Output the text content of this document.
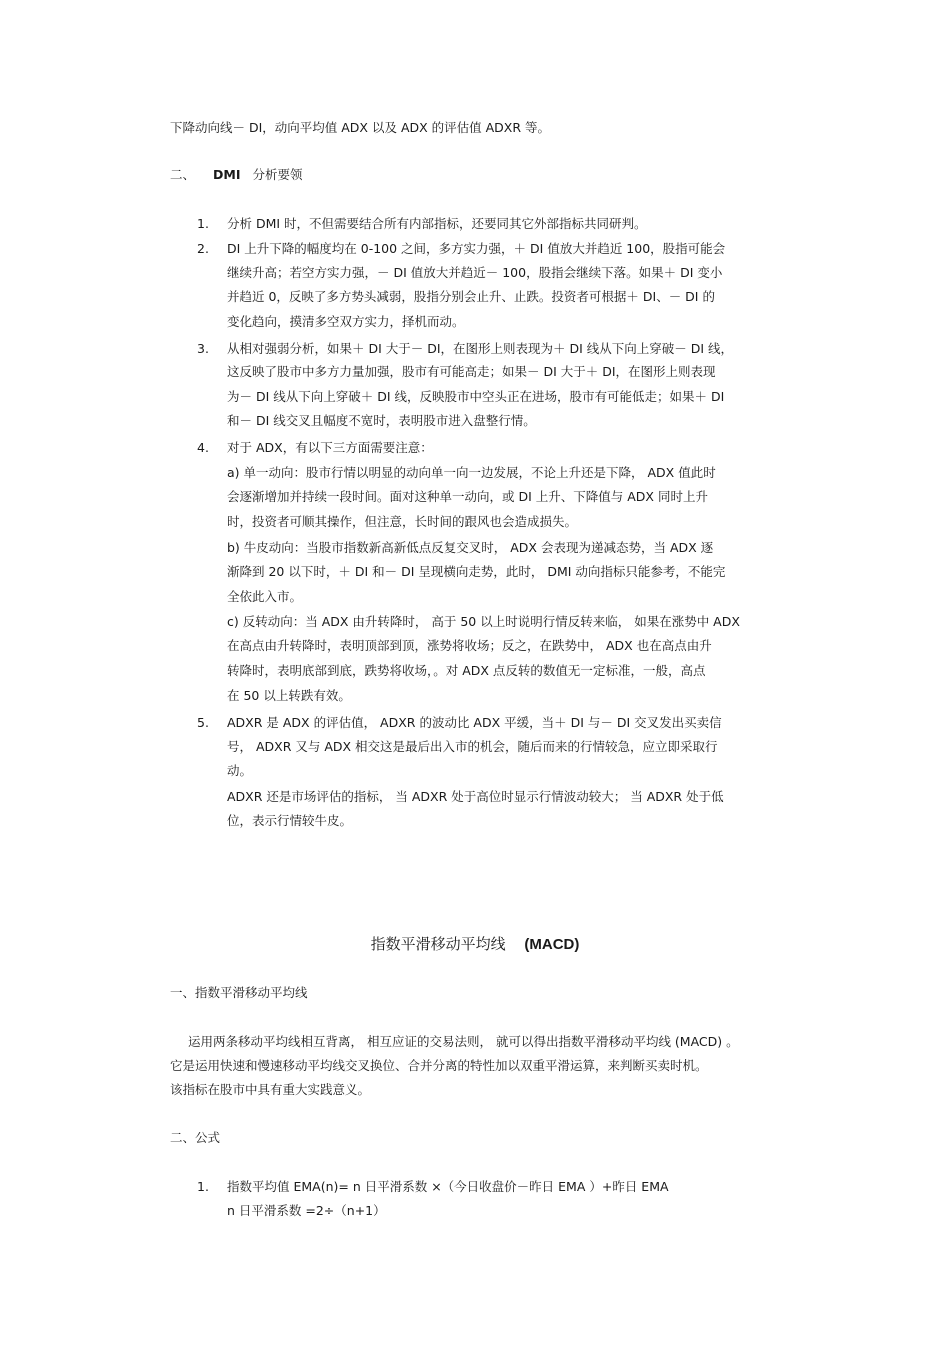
下降动向线－ DI，动向平均值 ADX 以及 ADX 的评估值 ADXR 等。
二、 DMI 分析要领
1. 分析 DMI 时，不但需要结合所有内部指标，还要同其它外部指标共同研判。
2. DI 上升下降的幅度均在 0-100 之间，多方实力强，＋ DI 值放大并趋近 100，股指可能会
继续升高；若空方实力强，－ DI 值放大并趋近－ 100，股指会继续下落。如果＋ DI 变小
并趋近 0，反映了多方势头减弱，股指分别会止升、止跌。投资者可根据＋ DI、－ DI 的
变化趋向，摸清多空双方实力，择机而动。
3. 从相对强弱分析，如果＋ DI 大于－ DI，在图形上则表现为＋ DI 线从下向上穿破－ DI 线，
这反映了股市中多方力量加强，股市有可能高走；如果－ DI 大于＋ DI，在图形上则表现
为－ DI 线从下向上穿破＋ DI 线，反映股市中空头正在进场，股市有可能低走；如果＋ DI
和－ DI 线交叉且幅度不宽时，表明股市进入盘整行情。
4. 对于 ADX，有以下三方面需要注意：
a) 单一动向：股市行情以明显的动向单一向一边发展，不论上升还是下降， ADX 值此时
会逐渐增加并持续一段时间。面对这种单一动向，或 DI 上升、下降值与 ADX 同时上升
时，投资者可顺其操作，但注意，长时间的跟风也会造成损失。
b) 牛皮动向：当股市指数新高新低点反复交叉时， ADX 会表现为递减态势，当 ADX 逐
渐降到 20 以下时，＋ DI 和－ DI 呈现横向走势，此时， DMI 动向指标只能参考，不能完
全依此入市。
c) 反转动向：当 ADX 由升转降时， 高于 50 以上时说明行情反转来临， 如果在涨势中 ADX
在高点由升转降时，表明顶部到顶，涨势将收场；反之，在跌势中， ADX 也在高点由升
转降时，表明底部到底，跌势将收场，。对 ADX 点反转的数值无一定标准，一般，高点
在 50 以上转跌有效。
5. ADXR 是 ADX 的评估值， ADXR 的波动比 ADX 平缓，当＋ DI 与－ DI 交叉发出买卖信
号， ADXR 又与 ADX 相交这是最后出入市的机会，随后而来的行情较急，应立即采取行
动。
ADXR 还是市场评估的指标， 当 ADXR 处于高位时显示行情波动较大； 当 ADXR 处于低
位，表示行情较牛皮。
指数平滑移动平均线 (MACD)
一、指数平滑移动平均线
运用两条移动平均线相互背离， 相互应证的交易法则， 就可以得出指数平滑移动平均线 (MACD) 。
它是运用快速和慢速移动平均线交叉换位、合并分离的特性加以双重平滑运算，来判断买卖时机。
该指标在股市中具有重大实践意义。
二、公式
1. 指数平均值 EMA(n)= n 日平滑系数 ×（今日收盘价－昨日 EMA ）+昨日 EMA
n 日平滑系数 =2÷（n+1）
